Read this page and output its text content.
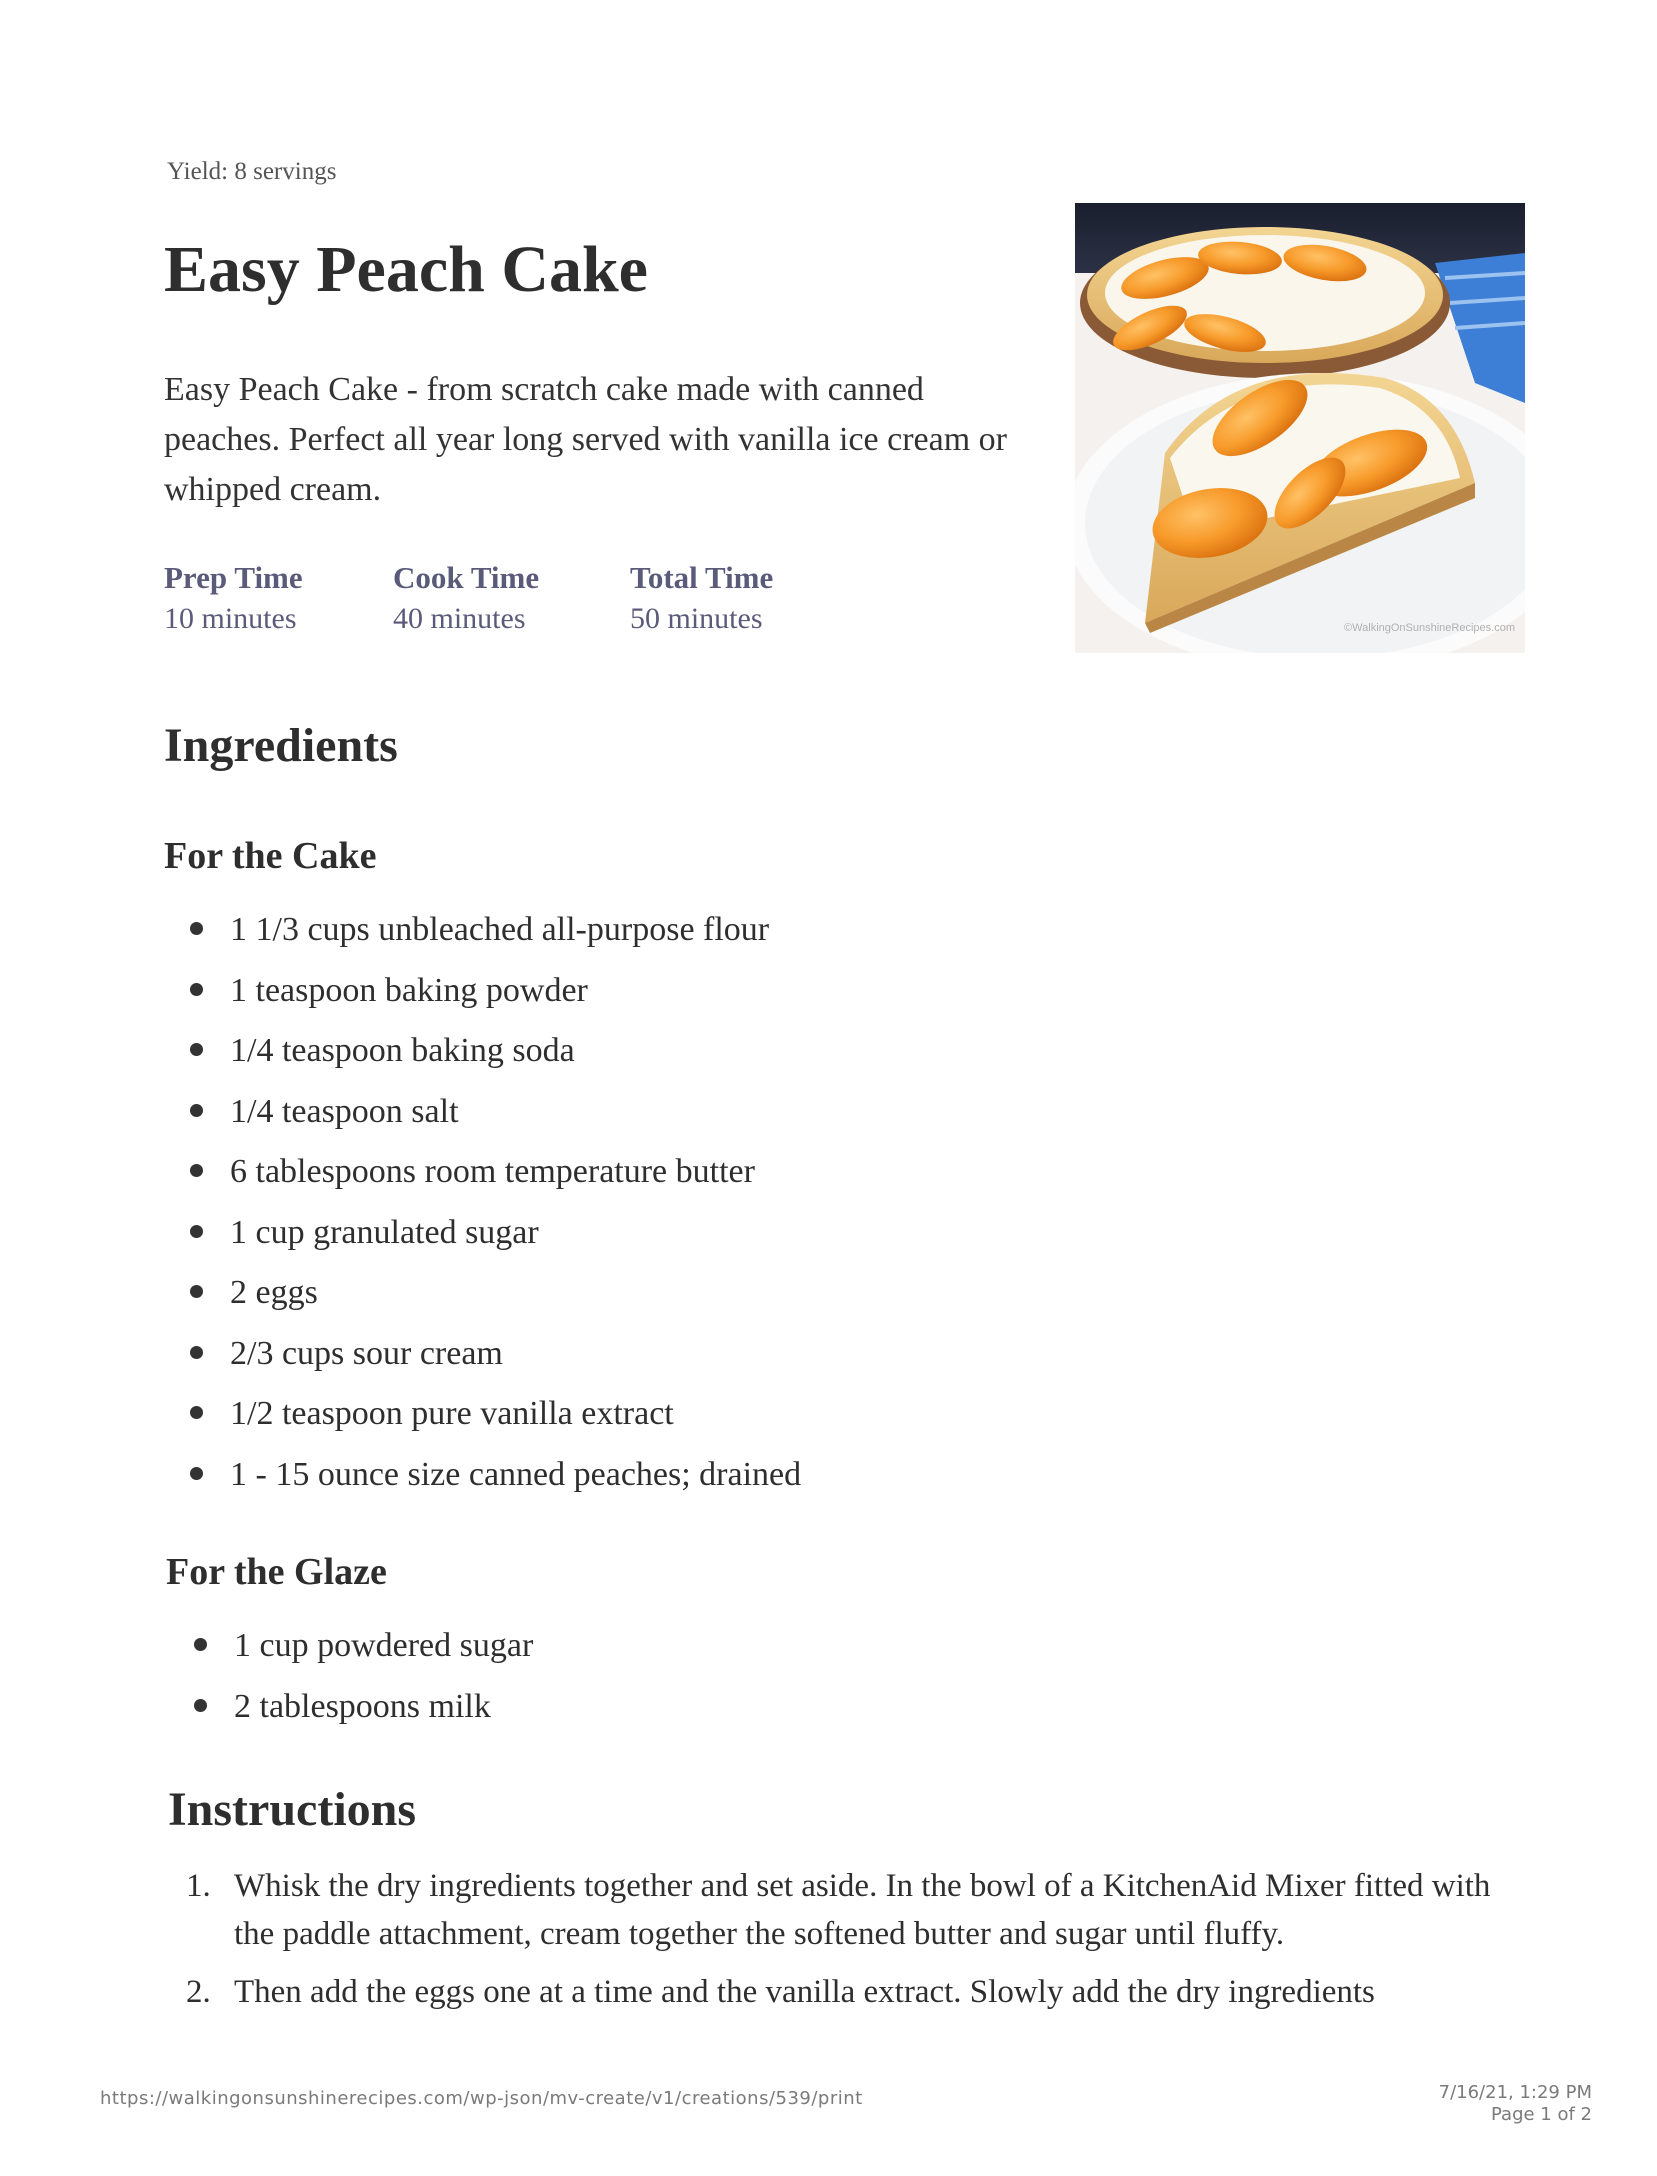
Yield: 8 servings
Easy Peach Cake
Easy Peach Cake - from scratch cake made with canned peaches. Perfect all year long served with vanilla ice cream or whipped cream.
Prep Time
10 minutes
Cook Time
40 minutes
Total Time
50 minutes	©WalkingOnSunshineRecipes.com
Ingredients
For the Cake
1 1/3 cups unbleached all-purpose flour
1 teaspoon baking powder
1/4 teaspoon baking soda
1/4 teaspoon salt
6 tablespoons room temperature butter
1 cup granulated sugar
2 eggs
2/3 cups sour cream
1/2 teaspoon pure vanilla extract
1 - 15 ounce size canned peaches; drained
For the Glaze
1 cup powdered sugar
2 tablespoons milk
Instructions
1. Whisk the dry ingredients together and set aside. In the bowl of a KitchenAid Mixer fitted with the paddle attachment, cream together the softened butter and sugar until fluffy.
2. Then add the eggs one at a time and the vanilla extract. Slowly add the dry ingredients
https://walkingonsunshinerecipes.com/wp-json/mv-create/v1/creations/539/print	7/16/21, 1:29 PM
Page 1 of 2
